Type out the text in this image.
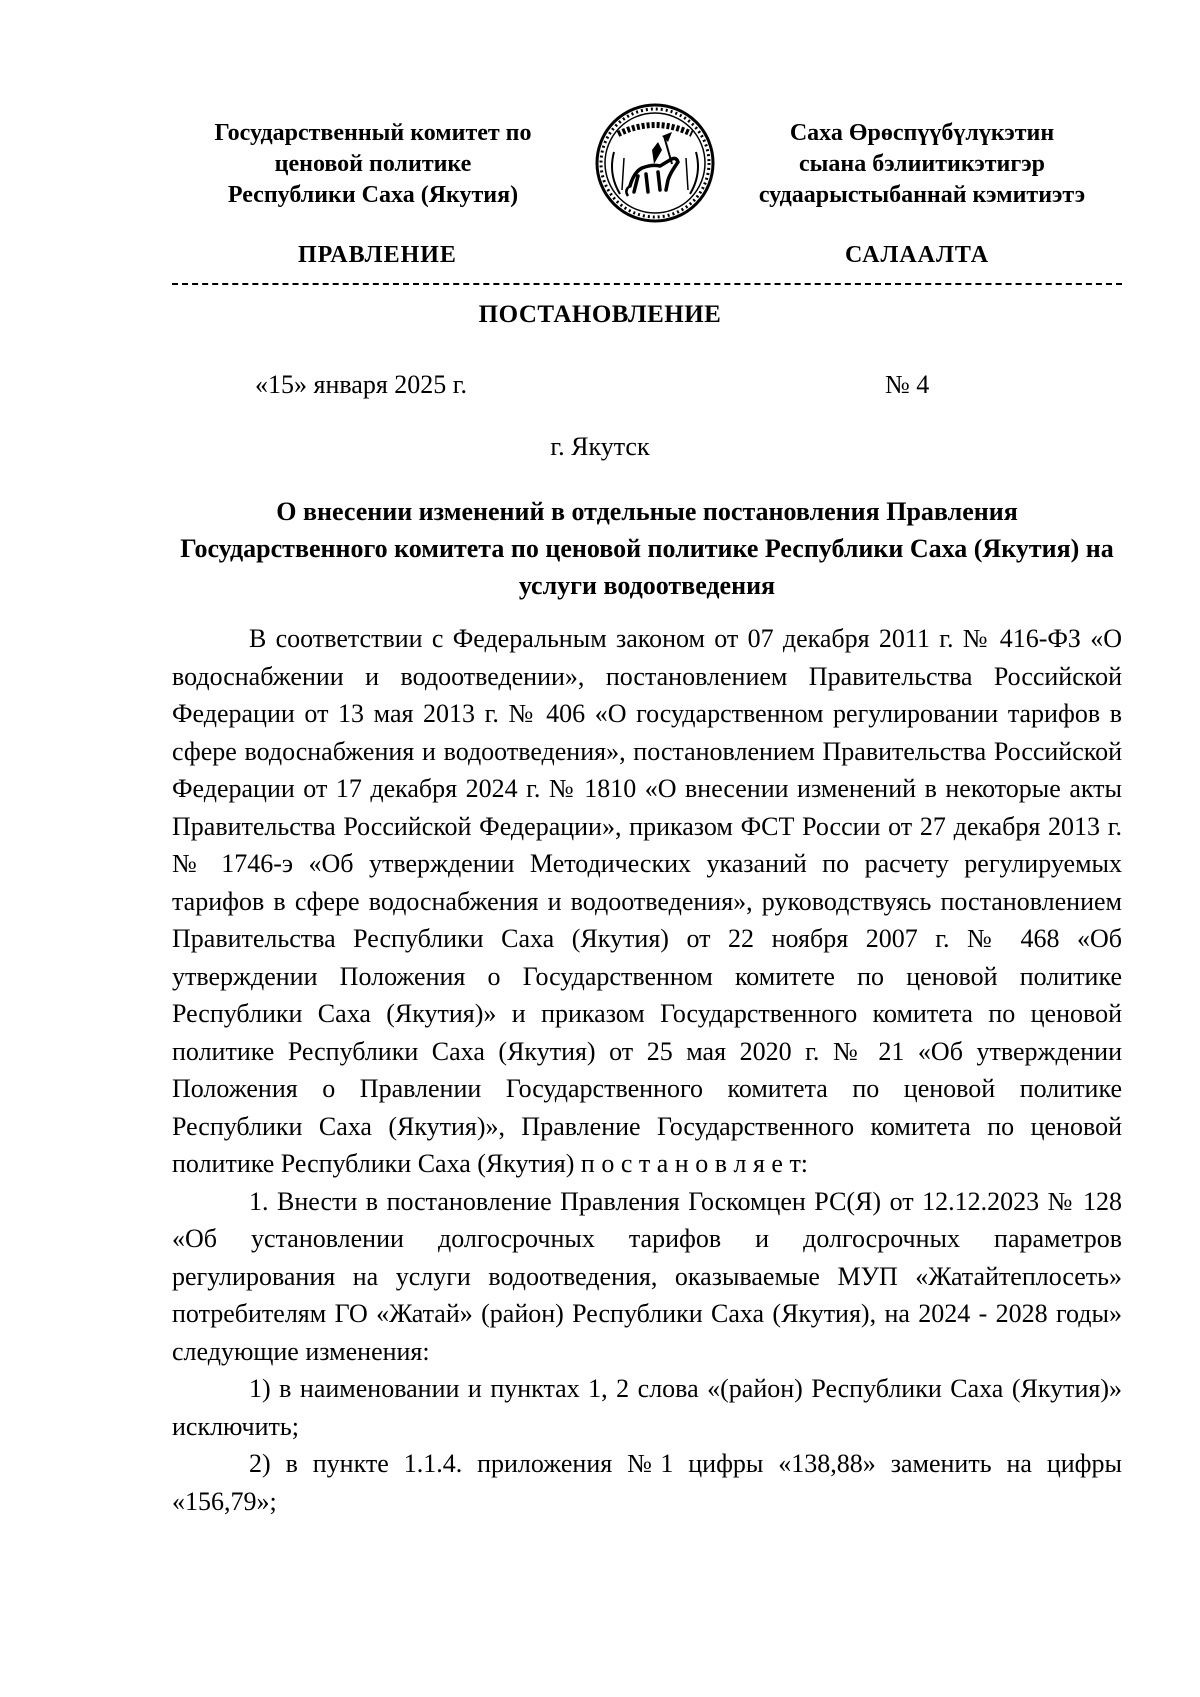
Государственный комитет по
ценовой политике
Республики Саха (Якутия)
Саха Өрөспүүбүлүкэтин
сыана бэлиитикэтигэр
судаарыстыбаннай кэмитиэтэ
ПРАВЛЕНИЕ	САЛААЛТА
ПОСТАНОВЛЕНИЕ
«15» января 2025 г.	№ 4
г. Якутск
О внесении изменений в отдельные постановления Правления Государственного комитета по ценовой политике Республики Саха (Якутия) на услуги водоотведения

В соответствии с Федеральным законом от 07 декабря 2011 г. № 416-ФЗ «О водоснабжении и водоотведении», постановлением Правительства Российской Федерации от 13 мая 2013 г. № 406 «О государственном регулировании тарифов в сфере водоснабжения и водоотведения», постановлением Правительства Российской Федерации от 17 декабря 2024 г. № 1810 «О внесении изменений в некоторые акты Правительства Российской Федерации», приказом ФСТ России от 27 декабря 2013 г. № 1746-э «Об утверждении Методических указаний по расчету регулируемых тарифов в сфере водоснабжения и водоотведения», руководствуясь постановлением Правительства Республики Саха (Якутия) от 22 ноября 2007 г. № 468 «Об утверждении Положения о Государственном комитете по ценовой политике Республики Саха (Якутия)» и приказом Государственного комитета по ценовой политике Республики Саха (Якутия) от 25 мая 2020 г. № 21 «Об утверждении Положения о Правлении Государственного комитета по ценовой политике Республики Саха (Якутия)», Правление Государственного комитета по ценовой политике Республики Саха (Якутия) п о с т а н о в л я е т:

1. Внести в постановление Правления Госкомцен РС(Я) от 12.12.2023 № 128 «Об установлении долгосрочных тарифов и долгосрочных параметров регулирования на услуги водоотведения, оказываемые МУП «Жатайтеплосеть» потребителям ГО «Жатай» (район) Республики Саха (Якутия), на 2024 - 2028 годы» следующие изменения:

1) в наименовании и пунктах 1, 2 слова «(район) Республики Саха (Якутия)» исключить;

2) в пункте 1.1.4. приложения №1 цифры «138,88» заменить на цифры «156,79»;
